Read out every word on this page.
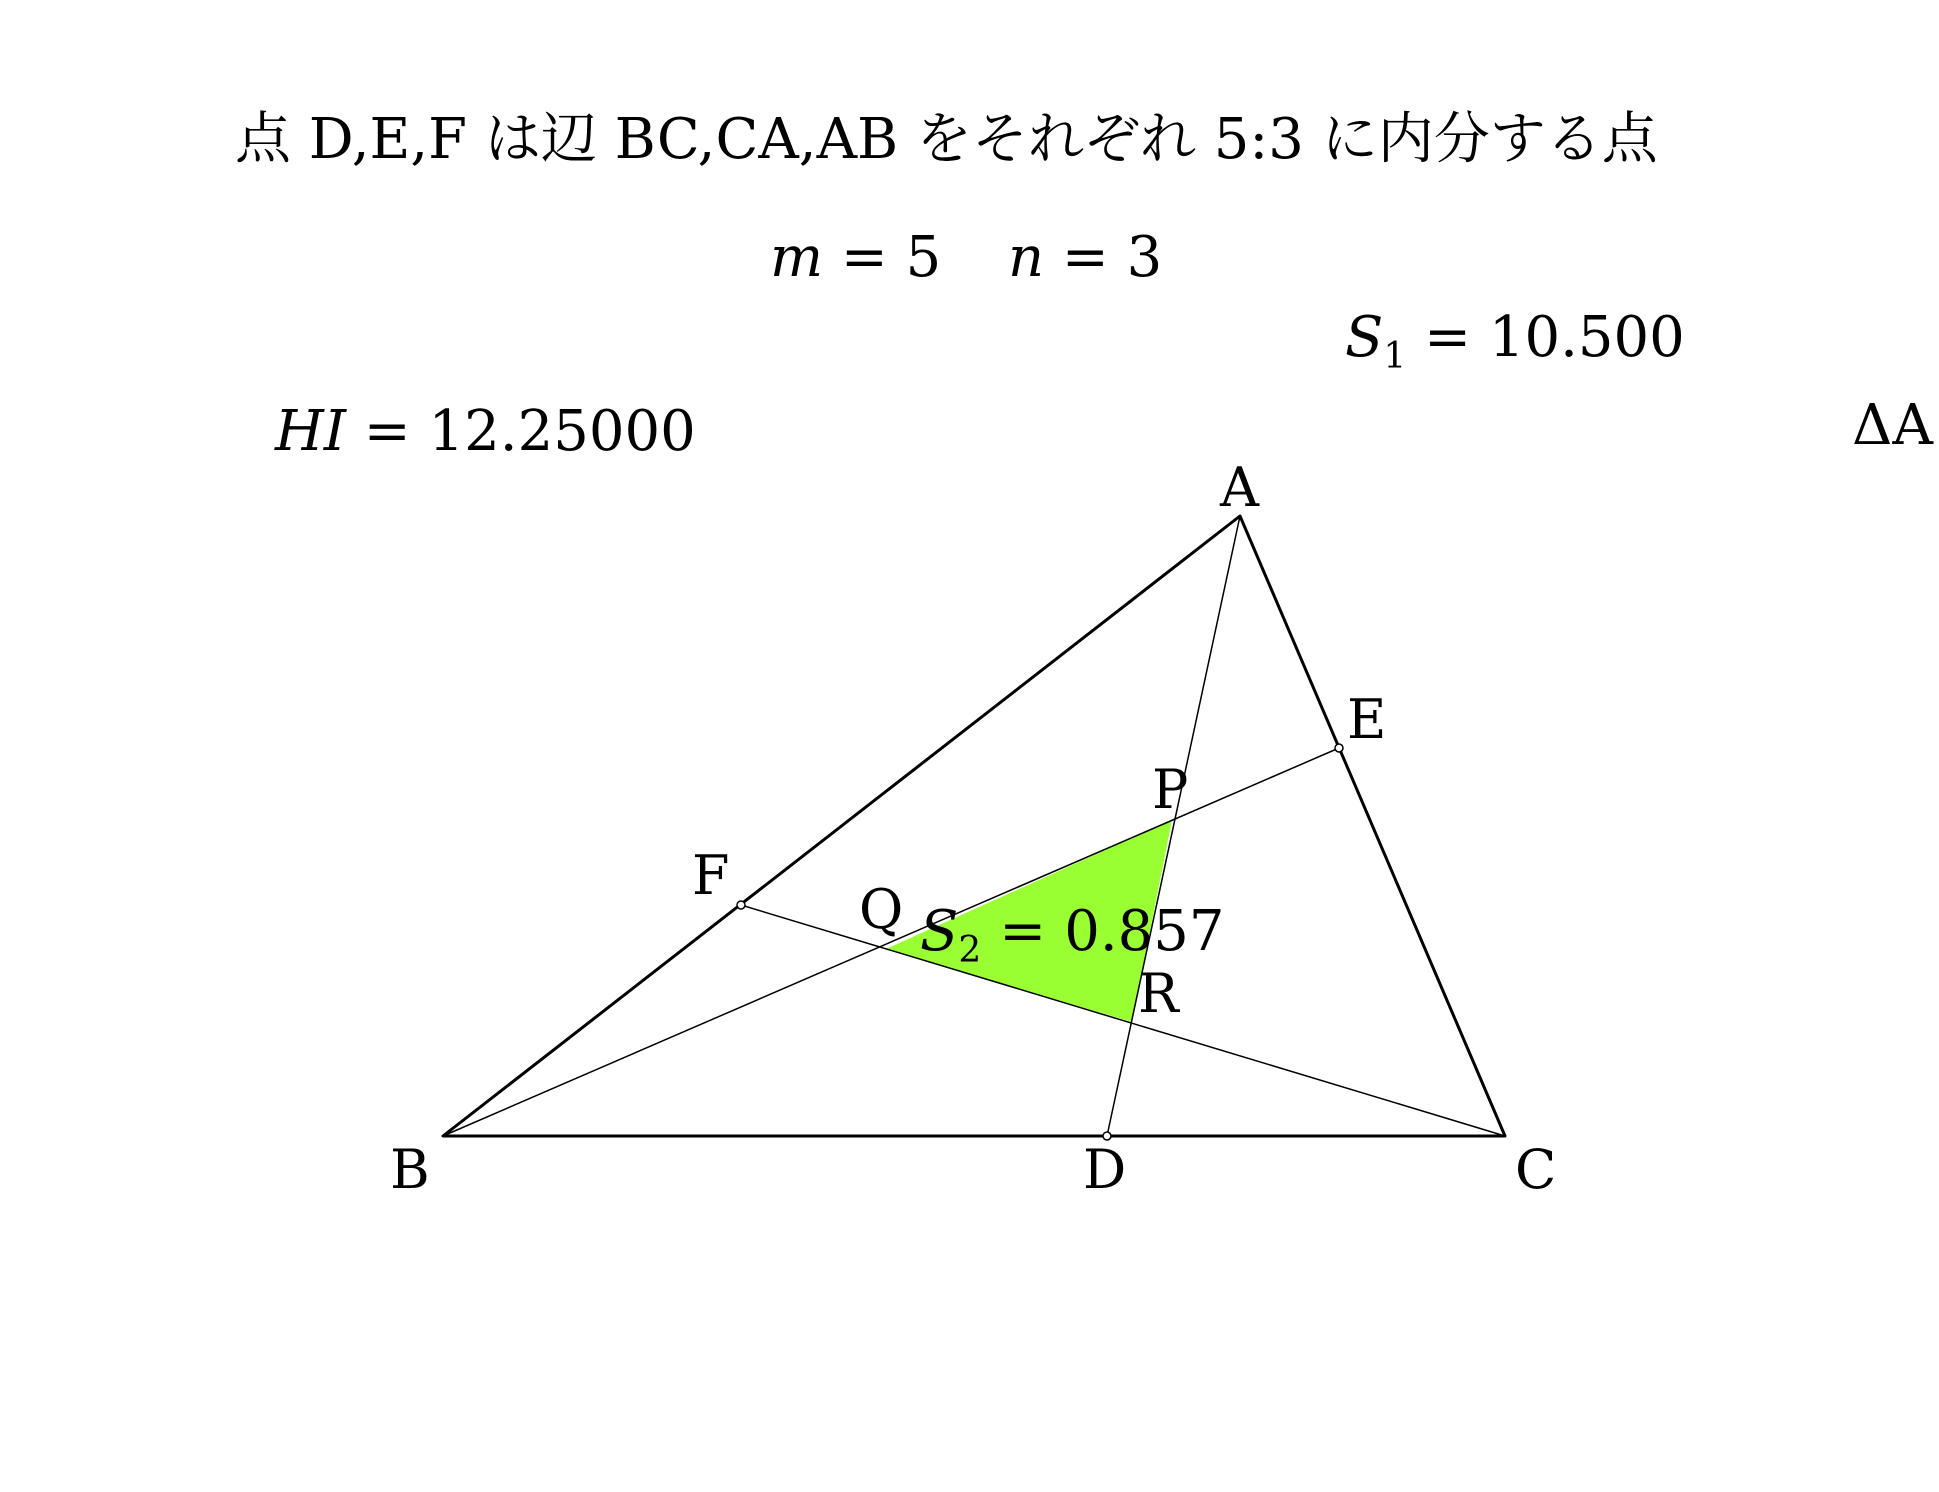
点 D,E,F は辺 BC,CA,AB をそれぞれ 5:3 に内分する点
m = 5 n = 3
$S_1 = 10.500$
HI = 12.25000	ΔA
A
B	C
D
E
F
P
Q
R
$S_2 = 0.857$
